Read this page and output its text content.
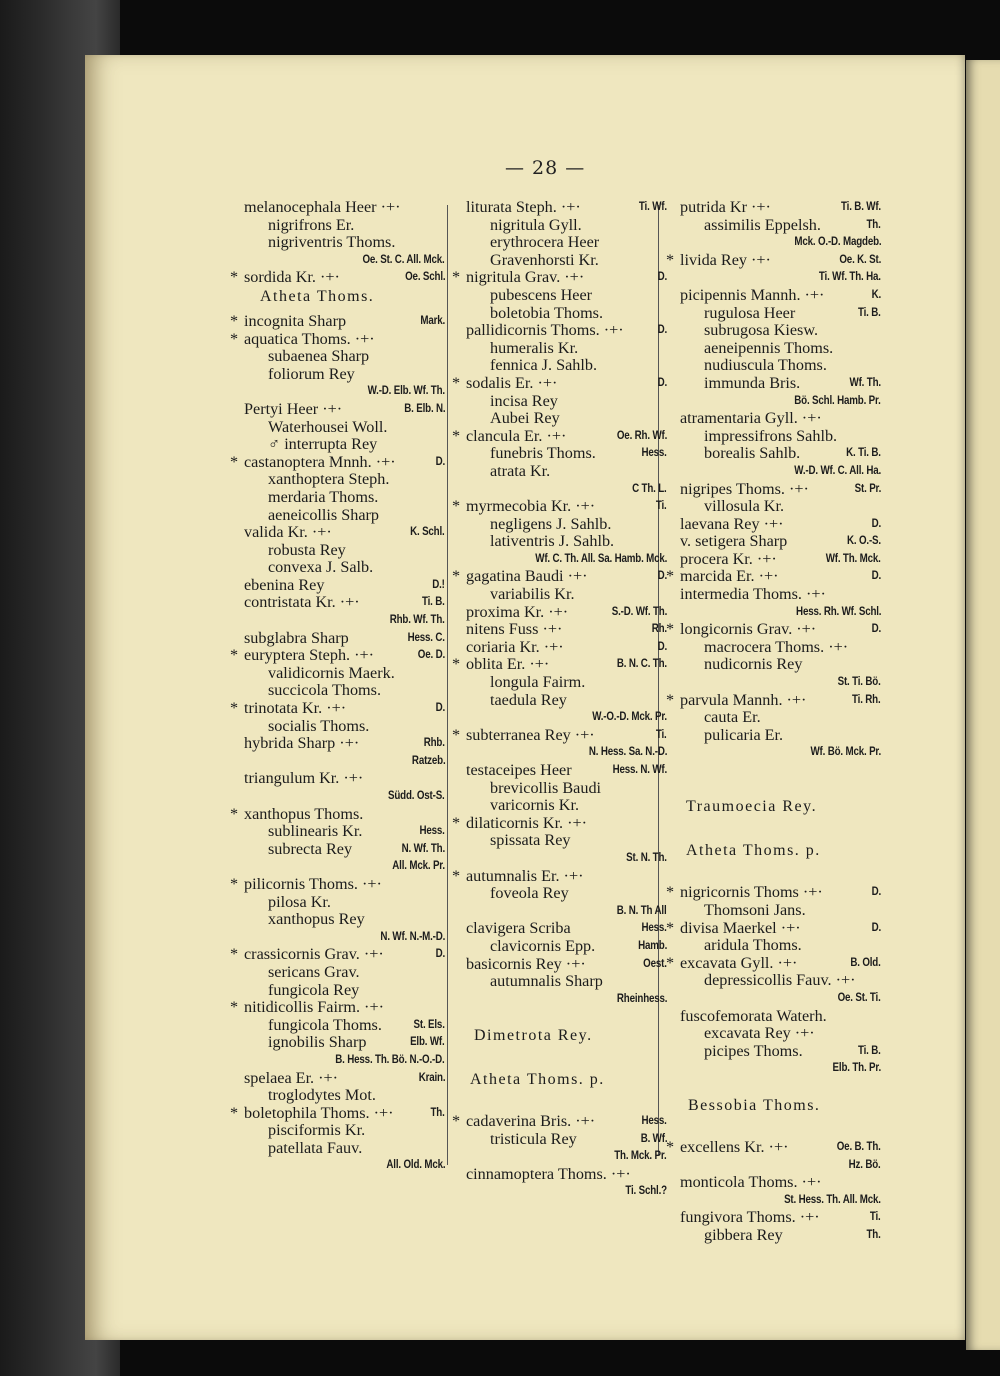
— 28 —
melanocephala Heer ·+·
nigrifrons Er.
nigriventris Thoms.
Oe. St. C. All. Mck.
* sordida Kr. ·+·	Oe. Schl.
Atheta Thoms.
* incognita Sharp	Mark.
* aquatica Thoms. ·+·
subaenea Sharp
foliorum Rey
W.-D. Elb. Wf. Th.
Pertyi Heer ·+·	B. Elb. N.
Waterhousei Woll.
♂ interrupta Rey
* castanoptera Mnnh. ·+·	D.
xanthoptera Steph.
merdaria Thoms.
aeneicollis Sharp
valida Kr. ·+·	K. Schl.
robusta Rey
convexa J. Salb.
ebenina Rey	D.!
contristata Kr. ·+·	Ti. B.
Rhb. Wf. Th.
subglabra Sharp	Hess. C.
* euryptera Steph. ·+·	Oe. D.
validicornis Maerk.
succicola Thoms.
* trinotata Kr. ·+·	D.
socialis Thoms.
hybrida Sharp ·+·	Rhb.
Ratzeb.
triangulum Kr. ·+·
Südd. Ost-S.
* xanthopus Thoms.
sublinearis Kr.	Hess.
subrecta Rey	N. Wf. Th.
All. Mck. Pr.
* pilicornis Thoms. ·+·
pilosa Kr.
xanthopus Rey
N. Wf. N.-M.-D.
* crassicornis Grav. ·+·	D.
sericans Grav.
fungicola Rey
* nitidicollis Fairm. ·+·
fungicola Thoms.	St. Els.
ignobilis Sharp	Elb. Wf.
B. Hess. Th. Bö. N.-O.-D.
spelaea Er. ·+·	Krain.
troglodytes Mot.
* boletophila Thoms. ·+·	Th.
pisciformis Kr.
patellata Fauv.
All. Old. Mck.
liturata Steph. ·+·	Ti. Wf.
nigritula Gyll.
erythrocera Heer
Gravenhorsti Kr.
* nigritula Grav. ·+·	D.
pubescens Heer
boletobia Thoms.
pallidicornis Thoms. ·+·	D.
humeralis Kr.
fennica J. Sahlb.
* sodalis Er. ·+·	D.
incisa Rey
Aubei Rey
* clancula Er. ·+·	Oe. Rh. Wf.
funebris Thoms.	Hess.
atrata Kr.
C Th. L.
* myrmecobia Kr. ·+·	Ti.
negligens J. Sahlb.
lativentris J. Sahlb.
Wf. C. Th. All. Sa. Hamb. Mck.
* gagatina Baudi ·+·	D.
variabilis Kr.
proxima Kr. ·+·	S.-D. Wf. Th.
nitens Fuss ·+·	Rh.
coriaria Kr. ·+·	D.
* oblita Er. ·+·	B. N. C. Th.
longula Fairm.
taedula Rey
W.-O.-D. Mck. Pr.
* subterranea Rey ·+·	Ti.
N. Hess. Sa. N.-D.
testaceipes Heer	Hess. N. Wf.
brevicollis Baudi
varicornis Kr.
* dilaticornis Kr. ·+·
spissata Rey
St. N. Th.
* autumnalis Er. ·+·
foveola Rey
B. N. Th All
clavigera Scriba	Hess.
clavicornis Epp.	Hamb.
basicornis Rey ·+·	Oest.
autumnalis Sharp
Rheinhess.
Dimetrota Rey.
Atheta Thoms. p.
* cadaverina Bris. ·+·	Hess.
tristicula Rey	B. Wf.
Th. Mck. Pr.
cinnamoptera Thoms. ·+·
Ti. Schl.?
putrida Kr ·+·	Ti. B. Wf.
assimilis Eppelsh.	Th.
Mck. O.-D. Magdeb.
* livida Rey ·+·	Oe. K. St.
Ti. Wf. Th. Ha.
picipennis Mannh. ·+·	K.
rugulosa Heer	Ti. B.
subrugosa Kiesw.
aeneipennis Thoms.
nudiuscula Thoms.
immunda Bris.	Wf. Th.
Bö. Schl. Hamb. Pr.
atramentaria Gyll. ·+·
impressifrons Sahlb.
borealis Sahlb.	K. Ti. B.
W.-D. Wf. C. All. Ha.
nigripes Thoms. ·+·	St. Pr.
villosula Kr.
laevana Rey ·+·	D.
v. setigera Sharp	K. O.-S.
procera Kr. ·+·	Wf. Th. Mck.
* marcida Er. ·+·	D.
intermedia Thoms. ·+·
Hess. Rh. Wf. Schl.
* longicornis Grav. ·+·	D.
macrocera Thoms. ·+·
nudicornis Rey
St. Ti. Bö.
* parvula Mannh. ·+·	Ti. Rh.
cauta Er.
pulicaria Er.
Wf. Bö. Mck. Pr.
Traumoecia Rey.
Atheta Thoms. p.
* nigricornis Thoms ·+·	D.
Thomsoni Jans.
* divisa Maerkel ·+·	D.
aridula Thoms.
* excavata Gyll. ·+·	B. Old.
depressicollis Fauv. ·+·
Oe. St. Ti.
fuscofemorata Waterh.
excavata Rey ·+·
picipes Thoms.	Ti. B.
Elb. Th. Pr.
Bessobia Thoms.
* excellens Kr. ·+·	Oe. B. Th.
Hz. Bö.
monticola Thoms. ·+·
St. Hess. Th. All. Mck.
fungivora Thoms. ·+·	Ti.
gibbera Rey	Th.
